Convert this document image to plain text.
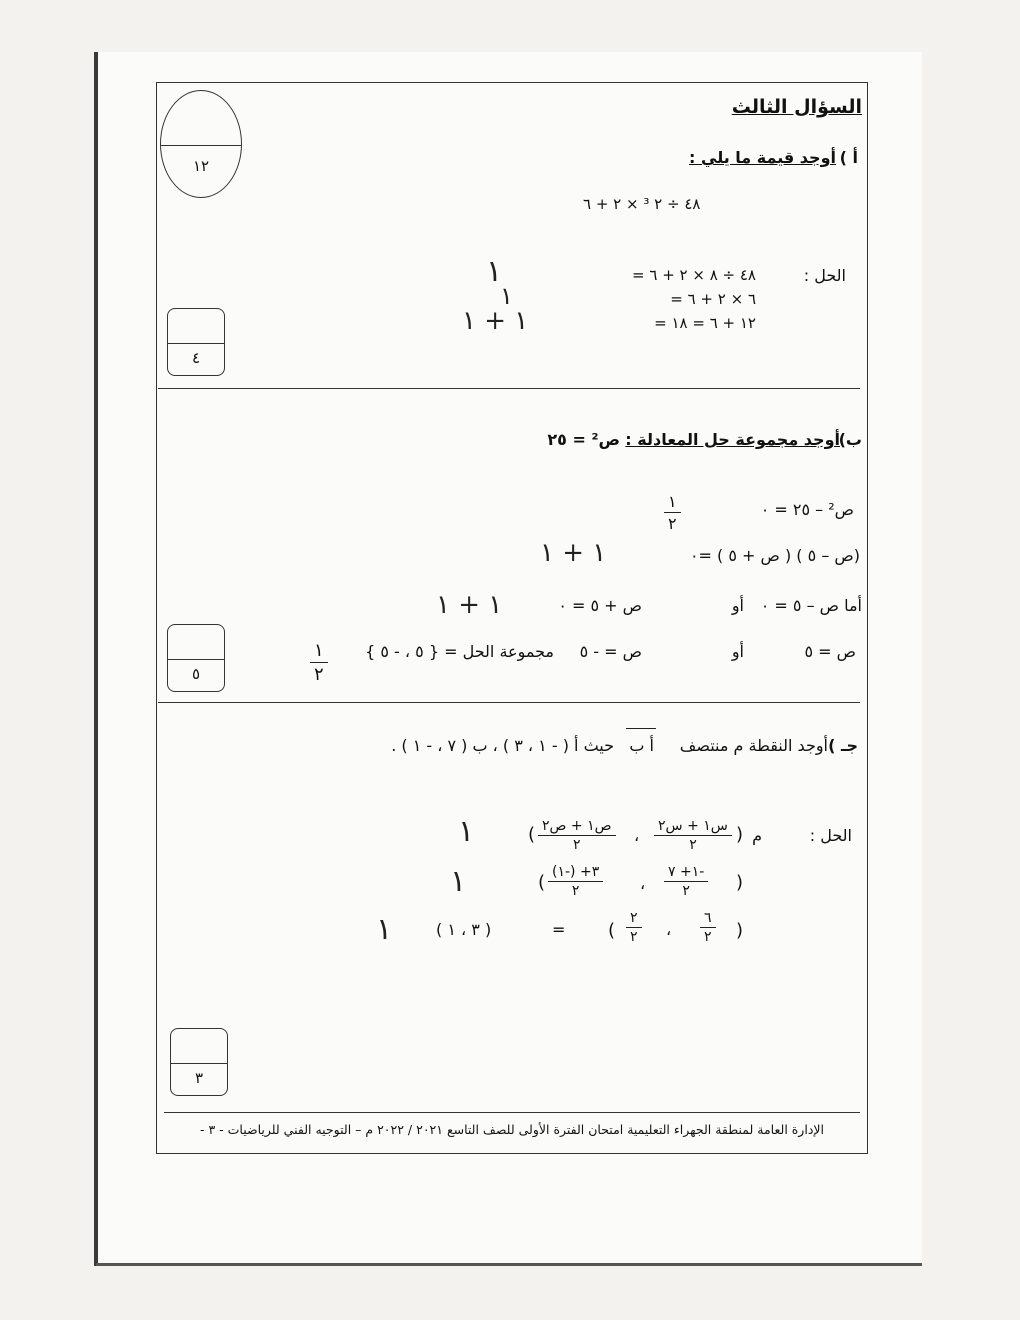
السؤال الثالث
١٢	أ )
أوجد قيمة ما يلي :
٤٨ ÷ ٢ ³ × ٢ + ٦
الحل :
= ٤٨ ÷ ٨ × ٢ + ٦
= ٦ × ٢ + ٦
= ١٢ + ٦ = ١٨
١
١
١ + ١
٤
ب)
أوجد مجموعة حل المعادلة :
ص² = ٢٥
١
٢
ص² – ٢٥ = ٠
١ + ١	(ص – ٥ ) ( ص + ٥ ) =٠
١ + ١	ص + ٥ = ٠	أو أما ص – ٥ = ٠
١
٢
مجموعة الحل = { ٥ ، - ٥ } ص = - ٥	أو	ص = ٥
٥
جـ )
أوجد النقطة م منتصف
أ ب
حيث أ ( - ١ ، ٣ ) ، ب ( ٧ ، - ١ ) .
الحل :
م
)
س١ + س٢
٢
،
ص١ + ص٢
٢
(
١
)
-١+ ٧
٢
،
٣+ (-١)
٢
(
١
)
٦
٢
،
٢
٢
(
=
( ٣ ، ١ )
١
٣
الإدارة العامة لمنطقة الجهراء التعليمية امتحان الفترة الأولى للصف التاسع ٢٠٢١ / ٢٠٢٢ م – التوجيه الفني للرياضيات - ٣ -
